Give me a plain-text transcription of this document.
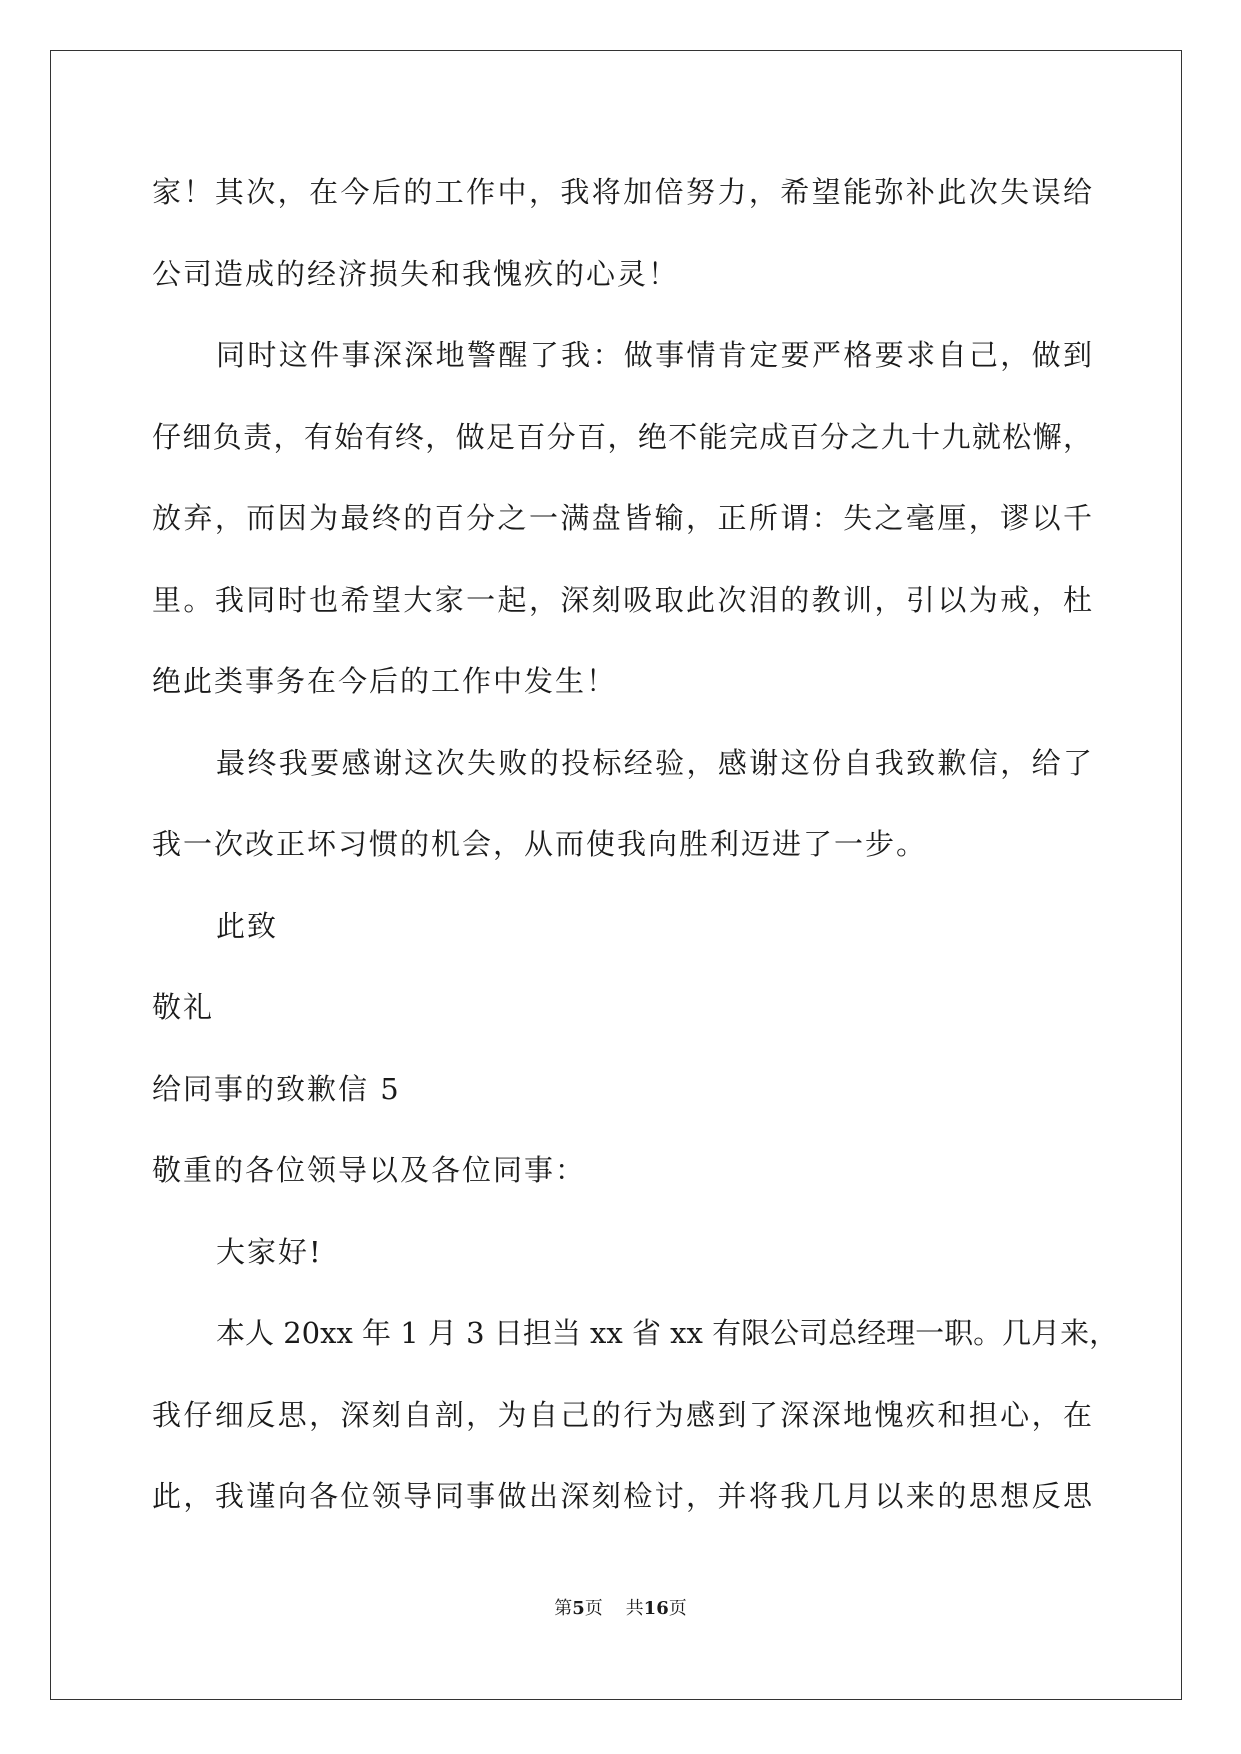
家！其次，在今后的工作中，我将加倍努力，希望能弥补此次失误给
公司造成的经济损失和我愧疚的心灵！
同时这件事深深地警醒了我：做事情肯定要严格要求自己，做到
仔细负责，有始有终，做足百分百，绝不能完成百分之九十九就松懈，
放弃，而因为最终的百分之一满盘皆输，正所谓：失之毫厘，谬以千
里。我同时也希望大家一起，深刻吸取此次泪的教训，引以为戒，杜
绝此类事务在今后的工作中发生！
最终我要感谢这次失败的投标经验，感谢这份自我致歉信，给了
我一次改正坏习惯的机会，从而使我向胜利迈进了一步。
此致
敬礼
给同事的致歉信 5
敬重的各位领导以及各位同事：
大家好!
本人 20xx 年 1 月 3 日担当 xx 省 xx 有限公司总经理一职。几月来，
我仔细反思，深刻自剖，为自己的行为感到了深深地愧疚和担心，在
此，我谨向各位领导同事做出深刻检讨，并将我几月以来的思想反思
第5页 共16页
